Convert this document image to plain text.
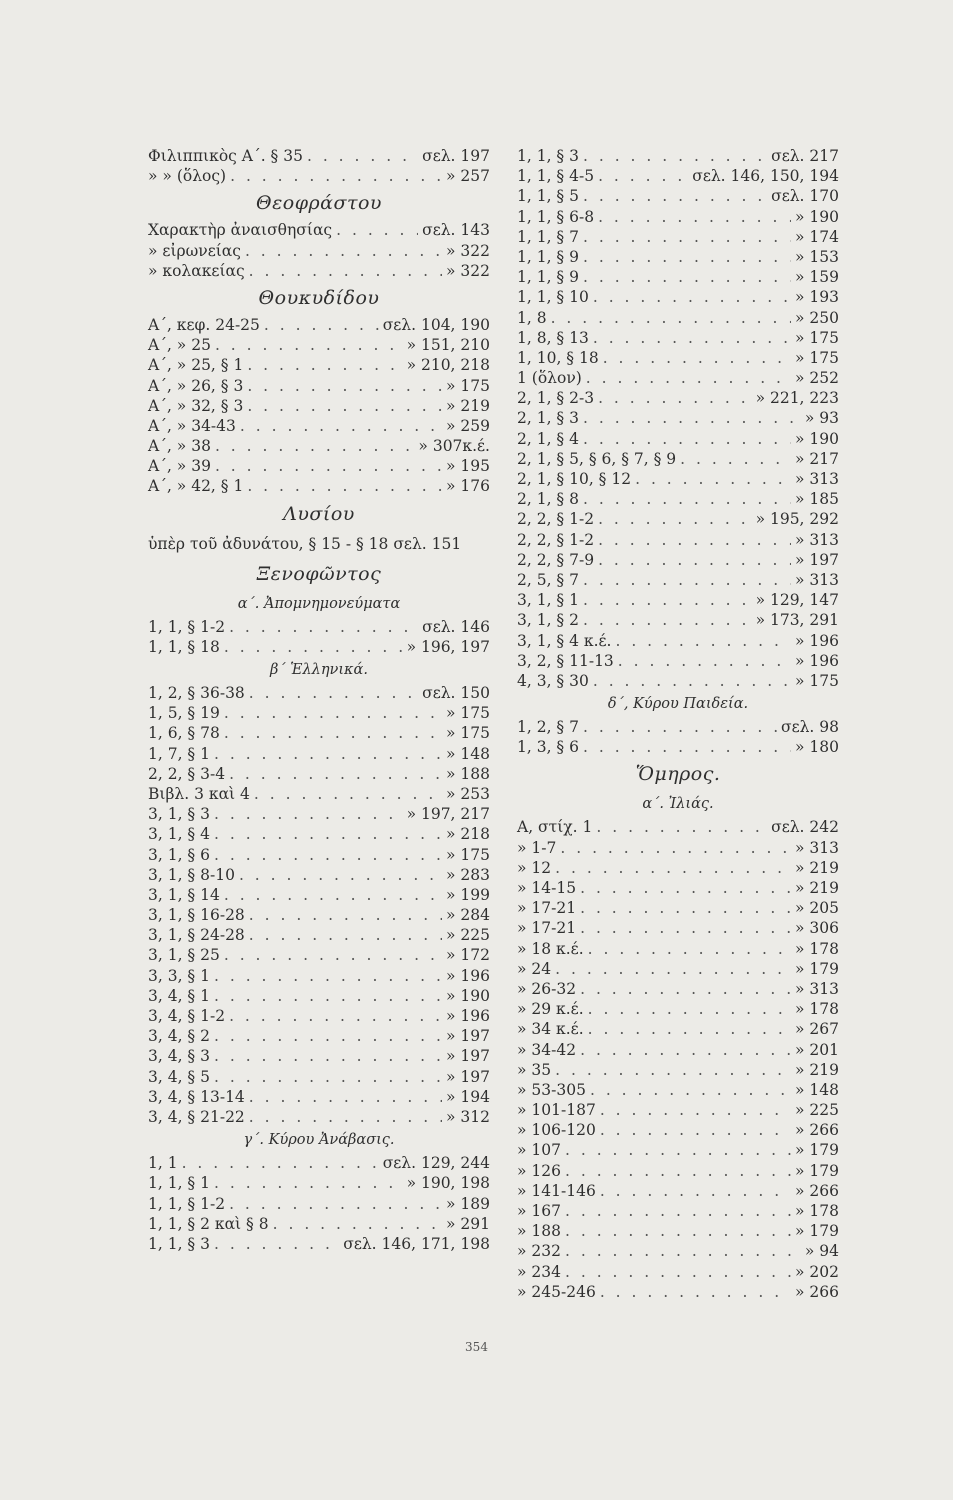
Φιλιππικὸς Α΄. § 35 . . .	σελ. 197
» » (ὅλος) . . .	» 257
Θεοφράστου
Χαρακτὴρ ἀναισθησίας . . .	σελ. 143
» εἰρωνείας . . .	» 322
» κολακείας . . .	» 322
Θουκυδίδου
Α΄, κεφ. 24-25 . . .	σελ. 104, 190
Α΄, » 25 . . .	» 151, 210
Α΄, » 25, § 1 . . .	» 210, 218
Α΄, » 26, § 3 . . .	» 175
Α΄, » 32, § 3 . . .	» 219
Α΄, » 34-43 . . .	» 259
Α΄, » 38 . . .	» 307κ.έ.
Α΄, » 39 . . .	» 195
Α΄, » 42, § 1 . . .	» 176
Λυσίου
ὑπὲρ τοῦ ἀδυνάτου, § 15 - § 18 σελ. 151
Ξενοφῶντος
α΄. Ἀπομνημονεύματα
1, 1, § 1-2 . . .	σελ. 146
1, 1, § 18 . . .	» 196, 197
β΄ Ἑλληνικά.
1, 2, § 36-38 . . .	σελ. 150
1, 5, § 19 . . .	» 175
1, 6, § 78 . . .	» 175
1, 7, § 1 . . .	» 148
2, 2, § 3-4 . . .	» 188
Βιβλ. 3 καὶ 4 . . .	» 253
3, 1, § 3 . . .	» 197, 217
3, 1, § 4 . . .	» 218
3, 1, § 6 . . .	» 175
3, 1, § 8-10 . . .	» 283
3, 1, § 14 . . .	» 199
3, 1, § 16-28 . . .	» 284
3, 1, § 24-28 . . .	» 225
3, 1, § 25 . . .	» 172
3, 3, § 1 . . .	» 196
3, 4, § 1 . . .	» 190
3, 4, § 1-2 . . .	» 196
3, 4, § 2 . . .	» 197
3, 4, § 3 . . .	» 197
3, 4, § 5 . . .	» 197
3, 4, § 13-14 . . .	» 194
3, 4, § 21-22 . . .	» 312
γ΄. Κύρου Ἀνάβασις.
1, 1 . . .	σελ. 129, 244
1, 1, § 1 . . .	» 190, 198
1, 1, § 1-2 . . .	» 189
1, 1, § 2 καὶ § 8 . . .	» 291
1, 1, § 3 . . .	σελ. 146, 171, 198
1, 1, § 3 . . .	σελ. 217
1, 1, § 4-5 . . .	σελ. 146, 150, 194
1, 1, § 5 . . .	σελ. 170
1, 1, § 6-8 . . .	» 190
1, 1, § 7 . . .	» 174
1, 1, § 9 . . .	» 153
1, 1, § 9 . . .	» 159
1, 1, § 10 . . .	» 193
1, 8 . . .	» 250
1, 8, § 13 . . .	» 175
1, 10, § 18 . . .	» 175
1 (ὅλον) . . .	» 252
2, 1, § 2-3 . . .	» 221, 223
2, 1, § 3 . . .	» 93
2, 1, § 4 . . .	» 190
2, 1, § 5, § 6, § 7, § 9 . . .	» 217
2, 1, § 10, § 12 . . .	» 313
2, 1, § 8 . . .	» 185
2, 2, § 1-2 . . .	» 195, 292
2, 2, § 1-2 . . .	» 313
2, 2, § 7-9 . . .	» 197
2, 5, § 7 . . .	» 313
3, 1, § 1 . . .	» 129, 147
3, 1, § 2 . . .	» 173, 291
3, 1, § 4 κ.έ. . . .	» 196
3, 2, § 11-13 . . .	» 196
4, 3, § 30 . . .	» 175
δ΄, Κύρου Παιδεία.
1, 2, § 7 . . .	σελ. 98
1, 3, § 6 . . .	» 180
Ὅμηρος.
α΄. Ἰλιάς.
Α, στίχ. 1 . . .	σελ. 242
» 1-7 . . .	» 313
» 12 . . .	» 219
» 14-15 . . .	» 219
» 17-21 . . .	» 205
» 17-21 . . .	» 306
» 18 κ.έ. . . .	» 178
» 24 . . .	» 179
» 26-32 . . .	» 313
» 29 κ.έ. . . .	» 178
» 34 κ.έ. . . .	» 267
» 34-42 . . .	» 201
» 35 . . .	» 219
» 53-305 . . .	» 148
» 101-187 . . .	» 225
» 106-120 . . .	» 266
» 107 . . .	» 179
» 126 . . .	» 179
» 141-146 . . .	» 266
» 167 . . .	» 178
» 188 . . .	» 179
» 232 . . .	» 94
» 234 . . .	» 202
» 245-246 . . .	» 266
354
